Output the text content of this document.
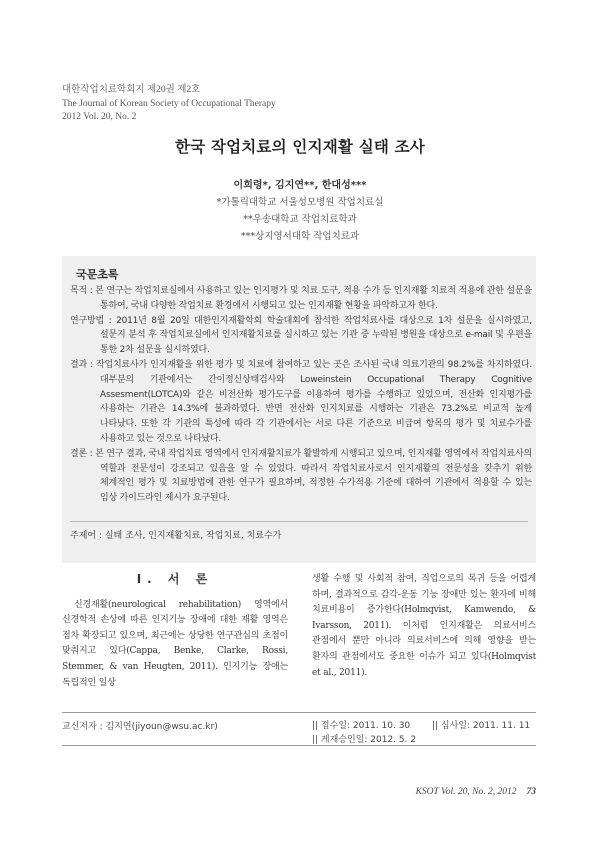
대한작업치료학회지 제20권 제2호
The Journal of Korean Society of Occupational Therapy
2012 Vol. 20, No. 2
한국 작업치료의 인지재활 실태 조사
이희령*, 김지연**, 한대성***
*가톨릭대학교 서울성모병원 작업치료실
**우송대학교 작업치료학과
***상지영서대학 작업치료과
국문초록

목적 : 본 연구는 작업치료실에서 사용하고 있는 인지평가 및 치료 도구, 적용 수가 등 인지재활 치료적 적용에 관한 설문을 통하여, 국내 다양한 작업치료 환경에서 시행되고 있는 인지재활 현황을 파악하고자 한다.

연구방법 : 2011년 8월 20일 대한인지재활학회 학술대회에 참석한 작업치료사를 대상으로 1차 설문을 실시하였고, 설문지 분석 후 작업치료실에서 인지재활치료를 실시하고 있는 기관 중 누락된 병원을 대상으로 e-mail 및 우편을 통한 2차 설문을 실시하였다.

결과 : 작업치료사가 인지재활을 위한 평가 및 치료에 참여하고 있는 곳은 조사된 국내 의료기관의 98.2%를 차지하였다. 대부분의 기관에서는 간이정신상태검사와 Loweinstein Occupational Therapy Cognitive Assesment(LOTCA)와 같은 비전산화 평가도구를 이용하여 평가를 수행하고 있었으며, 전산화 인지평가를 사용하는 기관은 14.3%에 불과하였다. 반면 전산화 인지치료를 시행하는 기관은 73.2%로 비교적 높게 나타났다. 또한 각 기관의 특성에 따라 각 기관에서는 서로 다른 기준으로 비급여 항목의 평가 및 치료수가를 사용하고 있는 것으로 나타났다.

결론 : 본 연구 결과, 국내 작업치료 영역에서 인지재활치료가 활발하게 시행되고 있으며, 인지재활 영역에서 작업치료사의 역할과 전문성이 강조되고 있음을 알 수 있었다. 따라서 작업치료사로서 인지재활의 전문성을 갖추기 위한 체계적인 평가 및 치료방법에 관한 연구가 필요하며, 적정한 수가적용 기준에 대하여 기관에서 적용할 수 있는 임상 가이드라인 제시가 요구된다.

주제어 : 실태 조사, 인지재활치료, 작업치료, 치료수가
I. 서 론

신경재활(neurological rehabilitation) 영역에서 신경학적 손상에 따른 인지기능 장애에 대한 재활 영역은 점차 확장되고 있으며, 최근에는 상당한 연구관심의 초점이 맞춰지고 있다(Cappa, Benke, Clarke, Rossi, Stemmer, & van Heugten, 2011). 인지기능 장애는 독립적인 일상

생활 수행 및 사회적 참여, 직업으로의 복귀 등을 어렵게 하며, 결과적으로 감각-운동 기능 장애만 있는 환자에 비해 치료비용이 증가한다(Holmqvist, Kamwendo, & Ivarsson, 2011). 이처럼 인지재활은 의료서비스 관점에서 뿐만 아니라 의료서비스에 의해 영향을 받는 환자의 관점에서도 중요한 이슈가 되고 있다(Holmqvist et al., 2011).

교신저자 : 김지연(jiyoun@wsu.ac.kr)	|| 접수일: 2011. 10. 30
|| 게재승인일: 2012. 5. 2
|| 심사일: 2011. 11. 11
KSOT Vol. 20, No. 2, 2012 73
